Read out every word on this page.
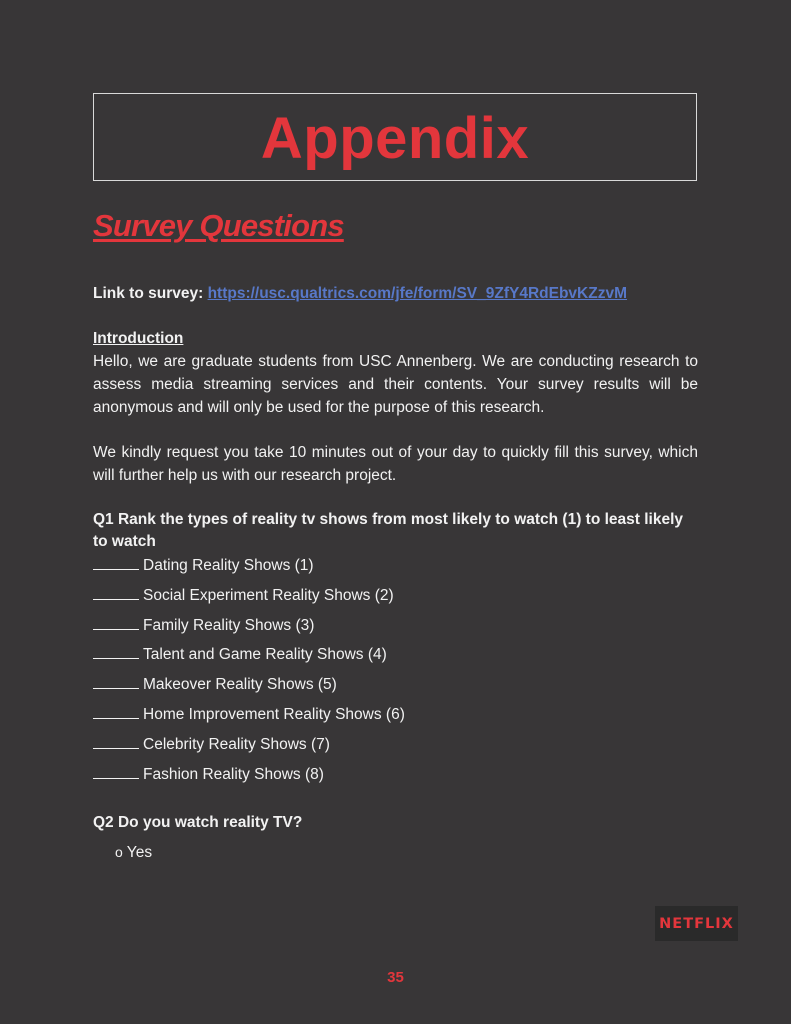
Appendix
Survey Questions

Link to survey: https://usc.qualtrics.com/jfe/form/SV_9ZfY4RdEbvKZzvM

Introduction

Hello, we are graduate students from USC Annenberg. We are conducting research to assess media streaming services and their contents. Your survey results will be anonymous and will only be used for the purpose of this research.

We kindly request you take 10 minutes out of your day to quickly fill this survey, which will further help us with our research project.

Q1 Rank the types of reality tv shows from most likely to watch (1) to least likely to watch

Dating Reality Shows (1)
Social Experiment Reality Shows (2)
Family Reality Shows (3)
Talent and Game Reality Shows (4)
Makeover Reality Shows (5)
Home Improvement Reality Shows (6)
Celebrity Reality Shows (7)
Fashion Reality Shows (8)

Q2 Do you watch reality TV?

o Yes

NETFLIX
35
